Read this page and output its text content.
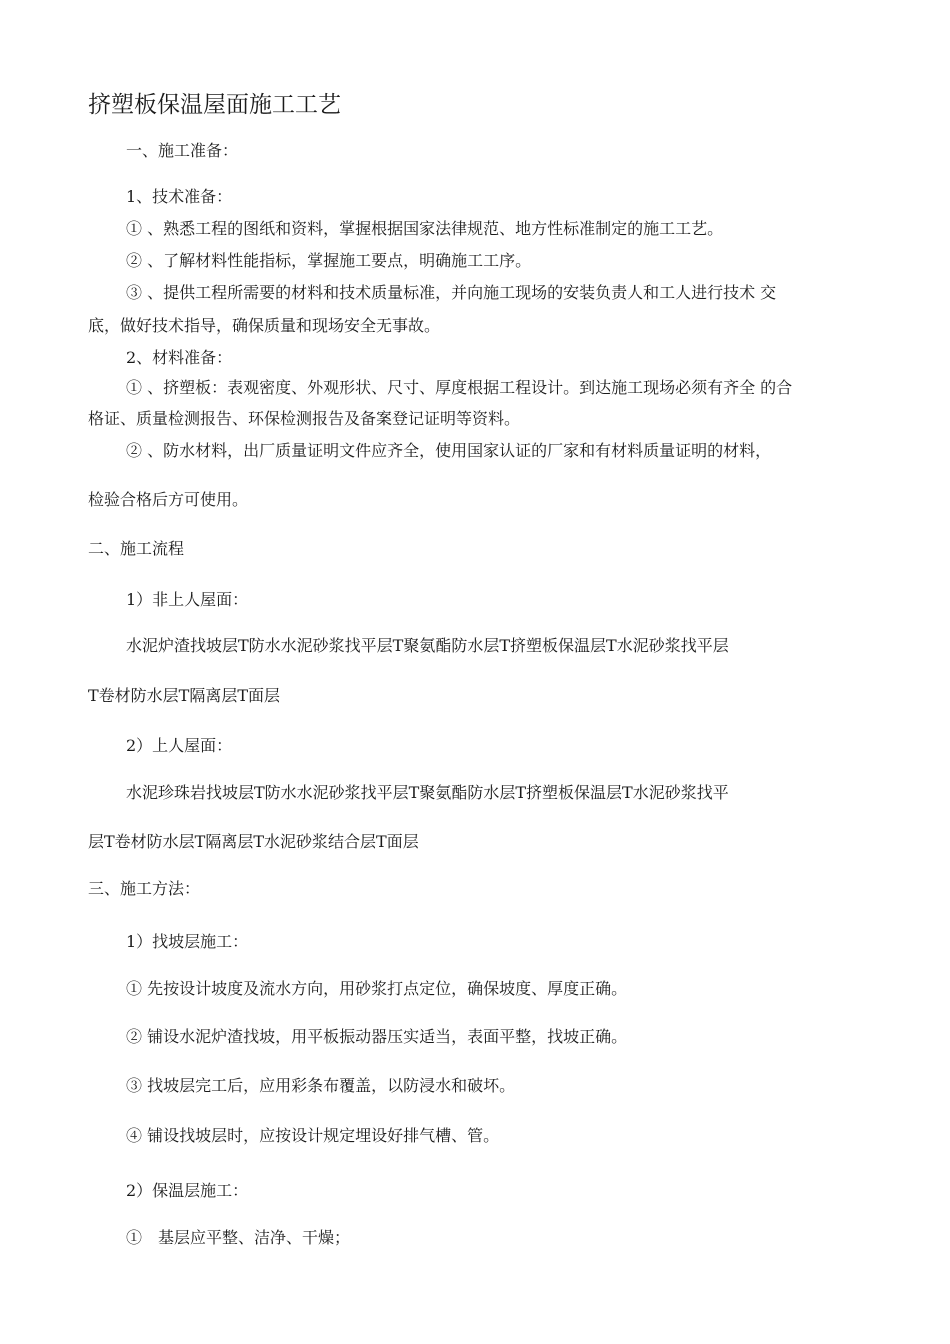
挤塑板保温屋面施工工艺
一、施工准备：
1、技术准备：
① 、熟悉工程的图纸和资料，掌握根据国家法律规范、地方性标准制定的施工工艺。
② 、了解材料性能指标，掌握施工要点，明确施工工序。
③ 、提供工程所需要的材料和技术质量标准，并向施工现场的安装负责人和工人进行技术 交
底，做好技术指导，确保质量和现场安全无事故。
2、材料准备：
① 、挤塑板：表观密度、外观形状、尺寸、厚度根据工程设计。到达施工现场必须有齐全 的合
格证、质量检测报告、环保检测报告及备案登记证明等资料。
② 、防水材料，出厂质量证明文件应齐全，使用国家认证的厂家和有材料质量证明的材料，
检验合格后方可使用。
二、施工流程
1）非上人屋面：
水泥炉渣找坡层T防水水泥砂浆找平层T聚氨酯防水层T挤塑板保温层T水泥砂浆找平层
T卷材防水层T隔离层T面层
2）上人屋面：
水泥珍珠岩找坡层T防水水泥砂浆找平层T聚氨酯防水层T挤塑板保温层T水泥砂浆找平
层T卷材防水层T隔离层T水泥砂浆结合层T面层
三、施工方法：
1）找坡层施工：
① 先按设计坡度及流水方向，用砂浆打点定位，确保坡度、厚度正确。
② 铺设水泥炉渣找坡，用平板振动器压实适当，表面平整，找坡正确。
③ 找坡层完工后，应用彩条布覆盖，以防浸水和破坏。
④ 铺设找坡层时，应按设计规定埋设好排气槽、管。
2）保温层施工：
①　基层应平整、洁净、干燥；
